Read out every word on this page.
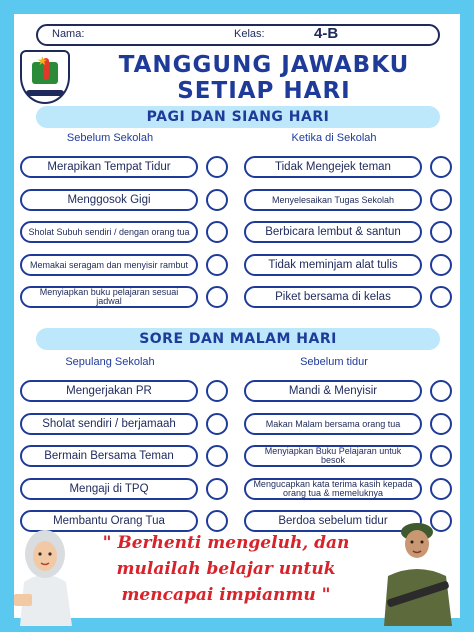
Nama:	Kelas:	4-B
★	TANGGUNG JAWABKU
SETIAP HARI
PAGI DAN SIANG HARI
Sebelum Sekolah	Ketika di Sekolah
Merapikan Tempat Tidur
Menggosok Gigi
Sholat Subuh sendiri / dengan orang tua
Memakai seragam dan menyisir rambut
Menyiapkan buku pelajaran sesuai jadwal
Tidak Mengejek teman
Menyelesaikan Tugas Sekolah
Berbicara lembut & santun
Tidak meminjam alat tulis
Piket bersama di kelas
SORE DAN MALAM HARI
Sepulang Sekolah	Sebelum tidur
Mengerjakan PR
Sholat sendiri / berjamaah
Bermain Bersama Teman
Mengaji di TPQ
Membantu Orang Tua
Mandi & Menyisir
Makan Malam bersama orang tua
Menyiapkan Buku Pelajaran untuk besok
Mengucapkan kata terima kasih kepada orang tua & memeluknya
Berdoa sebelum tidur
" Berhenti mengeluh, dan
mulailah belajar untuk
mencapai impianmu "
